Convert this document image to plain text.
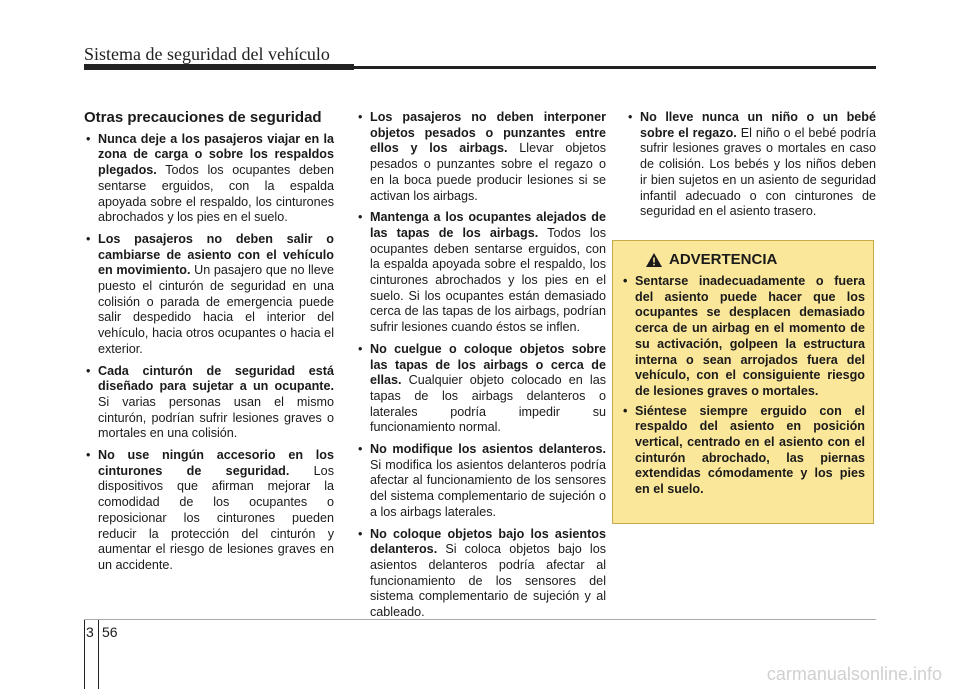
Sistema de seguridad del vehículo
Otras precauciones de seguridad
• Nunca deje a los pasajeros viajar en la zona de carga o sobre los respaldos plegados. Todos los ocupantes deben sentarse erguidos, con la espalda apoyada sobre el respaldo, los cinturones abrochados y los pies en el suelo.
• Los pasajeros no deben salir o cambiarse de asiento con el vehículo en movimiento. Un pasajero que no lleve puesto el cinturón de seguridad en una colisión o parada de emergencia puede salir despedido hacia el interior del vehículo, hacia otros ocupantes o hacia el exterior.
• Cada cinturón de seguridad está diseñado para sujetar a un ocupante. Si varias personas usan el mismo cinturón, podrían sufrir lesiones graves o mortales en una colisión.
• No use ningún accesorio en los cinturones de seguridad. Los dispositivos que afirman mejorar la comodidad de los ocupantes o reposicionar los cinturones pueden reducir la protección del cinturón y aumentar el riesgo de lesiones graves en un accidente.
• Los pasajeros no deben interponer objetos pesados o punzantes entre ellos y los airbags. Llevar objetos pesados o punzantes sobre el regazo o en la boca puede producir lesiones si se activan los airbags.
• Mantenga a los ocupantes alejados de las tapas de los airbags. Todos los ocupantes deben sentarse erguidos, con la espalda apoyada sobre el respaldo, los cinturones abrochados y los pies en el suelo. Si los ocupantes están demasiado cerca de las tapas de los airbags, podrían sufrir lesiones cuando éstos se inflen.
• No cuelgue o coloque objetos sobre las tapas de los airbags o cerca de ellas. Cualquier objeto colocado en las tapas de los airbags delanteros o laterales podría impedir su funcionamiento normal.
• No modifique los asientos delanteros. Si modifica los asientos delanteros podría afectar al funcionamiento de los sensores del sistema complementario de sujeción o a los airbags laterales.
• No coloque objetos bajo los asientos delanteros. Si coloca objetos bajo los asientos delanteros podría afectar al funcionamiento de los sensores del sistema complementario de sujeción y al cableado.
• No lleve nunca un niño o un bebé sobre el regazo. El niño o el bebé podría sufrir lesiones graves o mortales en caso de colisión. Los bebés y los niños deben ir bien sujetos en un asiento de seguridad infantil adecuado o con cinturones de seguridad en el asiento trasero.
ADVERTENCIA
• Sentarse inadecuadamente o fuera del asiento puede hacer que los ocupantes se desplacen demasiado cerca de un airbag en el momento de su activación, golpeen la estructura interna o sean arrojados fuera del vehículo, con el consiguiente riesgo de lesiones graves o mortales.
• Siéntese siempre erguido con el respaldo del asiento en posición vertical, centrado en el asiento con el cinturón abrochado, las piernas extendidas cómodamente y los pies en el suelo.
3 56
carmanualsonline.info
